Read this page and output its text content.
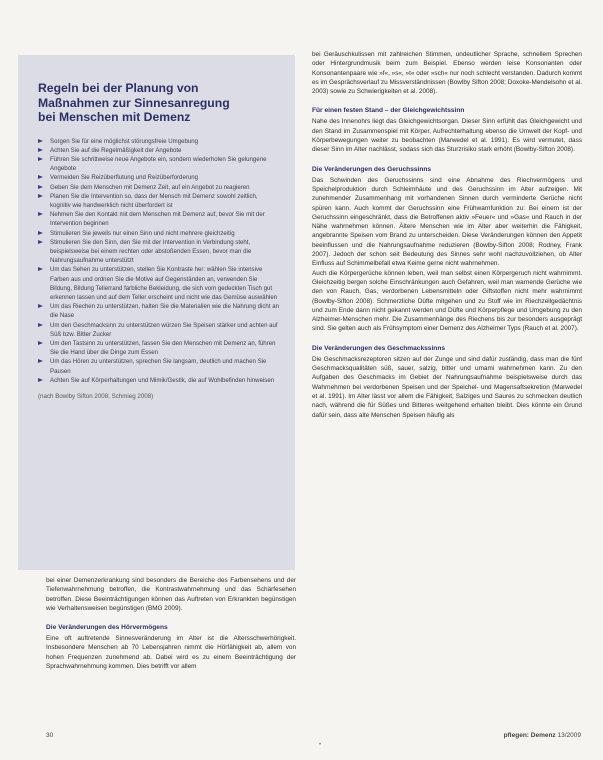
Regeln bei der Planung von
Maßnahmen zur Sinnesanregung
bei Menschen mit Demenz
Sorgen Sie für eine möglichst störungsfreie Umgebung
Achten Sie auf die Regelmäßigkeit der Angebote
Führen Sie schrittweise neue Angebote ein, sondern wiederholen Sie gelungene Angebote
Vermeiden Sie Reizüberflutung und Reizüberforderung
Geben Sie dem Menschen mit Demenz Zeit, auf ein Angebot zu reagieren
Planen Sie die Intervention so, dass der Mensch mit Demenz sowohl zeitlich, kognitiv wie handwerklich nicht überfordert ist
Nehmen Sie den Kontakt mit dem Menschen mit Demenz auf, bevor Sie mit der Intervention beginnen
Stimulieren Sie jeweils nur einen Sinn und nicht mehrere gleichzeitig
Stimulieren Sie den Sinn, den Sie mit der Intervention in Verbindung steht, beispielsweise bei einem rechten oder abstoßenden Essen, bevor man die Nahrungsaufnahme unterstützt
Um das Sehen zu unterstützen, stellen Sie Kontraste her: wählen Sie intensive Farben aus und ordnen Sie die Motive auf Gegenständen an, verwenden Sie Bildung, Bildung Tellerrand farbliche Bekleidung, die sich vom gedeckten Tisch gut erkennen lassen und auf dem Teller erscheint und nicht wie das Gemüse auswählen
Um das Riechen zu unterstützen, halten Sie die Materialien wie die Nahrung dicht an die Nase
Um den Geschmacksinn zu unterstützen würzen Sie Speisen stärker und achten auf Süß bzw. Bitter Zucker
Um den Tastsinn zu unterstützen, fassen Sie den Menschen mit Demenz an, führen Sie die Hand über die Dinge zum Essen
Um das Hören zu unterstützen, sprechen Sie langsam, deutlich und machen Sie Pausen
Achten Sie auf Körperhaltungen und Mimik/Gestik, die auf Wohlbefinden hinweisen
(nach Bowlby Sifton 2008; Schmieg 2008)

bei einer Demenzerkrankung sind besonders die Bereiche des Farbensehens und der Tiefenwahrnehmung betroffen, die Kontrastwahrnehmung und das Schärfesehen betroffen. Diese Beeinträchtigungen können das Auftreten von Erkrankten begünstigen wie Verhaltensweisen begünstigen (BMG 2009).

Die Veränderungen des Hörvermögens

Eine oft auftretende Sinnesveränderung im Alter ist die Altersschwerhörigkeit. Insbesondere Menschen ab 70 Lebensjahren nimmt die Hörfähigkeit ab, allem von hohen Frequenzen zunehmend ab. Dabei wird es zu einem Beeinträchtigung der Sprachwahrnehmung kommen. Dies betrifft vor allem

bei Geräuschkulissen mit zahlreichen Stimmen, undeutlicher Sprache, schnellem Sprechen oder Hintergrundmusik beim zum Beispiel. Ebenso werden leise Konsonanten oder Konsonantenpaare wie »f«, »s«, »t« oder »sch« nur noch schlecht verstanden. Dadurch kommt es im Gesprächsverlauf zu Missverständnissen (Bowlby Sifton 2008; Doxoke-Mendelsohn et al. 2003) sowie zu Schwierigkeiten et al. 2008).

Für einen festen Stand – der Gleichgewichtssinn

Nahe des Innenohrs liegt das Gleichgewichtsorgan. Dieser Sinn erfühlt das Gleichgewicht und den Stand im Zusammenspiel mit Körper, Aufrechterhaltung ebenso die Umwelt der Kopf- und Körperbewegungen weiter zu beobachten (Marwedel et al. 1991). Es wird vermutet, dass dieser Sinn im Alter nachlässt, sodass sich das Sturzrisiko stark erhöht (Bowlby-Sifton 2008).

Die Veränderungen des Geruchssinns

Das Schwinden des Geruchssinns sind eine Abnahme des Riechvermögens und Speichelproduktion durch Schleimhäute und des Geruchssinn im Alter aufzeigen. Mit zunehmender Zusammenhang mit vorhandenen Sinnen durch verminderte Gerüche nicht spüren kann. Auch kommt der Geruchssinn eine Frühwarnfunktion zu: Bei einem ist der Geruchssinn eingeschränkt, dass die Betroffenen aktiv »Feuer« und »Gas« und Rauch in der Nähe wahrnehmen können. Ältere Menschen wie im Alter aber weiterhin die Fähigkeit, angebrannte Speisen vom Brand zu unterscheiden. Diese Veränderungen können den Appetit beeinflussen und die Nahrungsaufnahme reduzieren (Bowlby-Sifton 2008; Rodney, Frank 2007). Jedoch der schon seit Bedeutung des Sinnes sehr wohl nachzuvollziehen, ob Alter Einfluss auf Schimmelbefall etwa Keime gerne nicht wahrnehmen.
Auch die Körpergerüche können leben, weil man selbst einen Körpergeruch nicht wahrnimmt. Gleichzeitig bergen solche Einschränkungen auch Gefahren, weil man warnende Gerüche wie den von Rauch, Gas, verdorbenen Lebensmitteln oder Giftstoffen nicht mehr wahrnimmt (Bowlby-Sifton 2008). Schmerzliche Düfte mitgehen und zu Stoff wie im Riechzellgedächtnis und zum Ende dann nicht gekannt werden und Düfte und Körperpflege und Umgebung zu den Alzheimer-Menschen mehr. Die Zusammenhänge des Riechens bis zur besonders ausgeprägt sind. Sie gelten auch als Frühsymptom einer Demenz des Alzheimer Typs (Rauch et al. 2007).

Die Veränderungen des Geschmackssinns

Die Geschmacksrezeptoren sitzen auf der Zunge und sind dafür zuständig, dass man die fünf Geschmacksqualitäten süß, sauer, salzig, bitter und umami wahrnehmen kann. Zu den Aufgaben des Geschmacks im Gebiet der Nahrungsaufnahme beispielsweise durch das Wahrnehmen bei verdorbenen Speisen und der Speichel- und Magensaftsekretion (Marwedel et al. 1991). Im Alter lässt vor allem die Fähigkeit, Salziges und Saures zu schmecken deutlich nach, während die für Süßes und Bitteres weitgehend erhalten bleibt. Dies könnte ein Grund dafür sein, dass alte Menschen Speisen häufig als

30	pflegen: Demenz 13/2009
•
